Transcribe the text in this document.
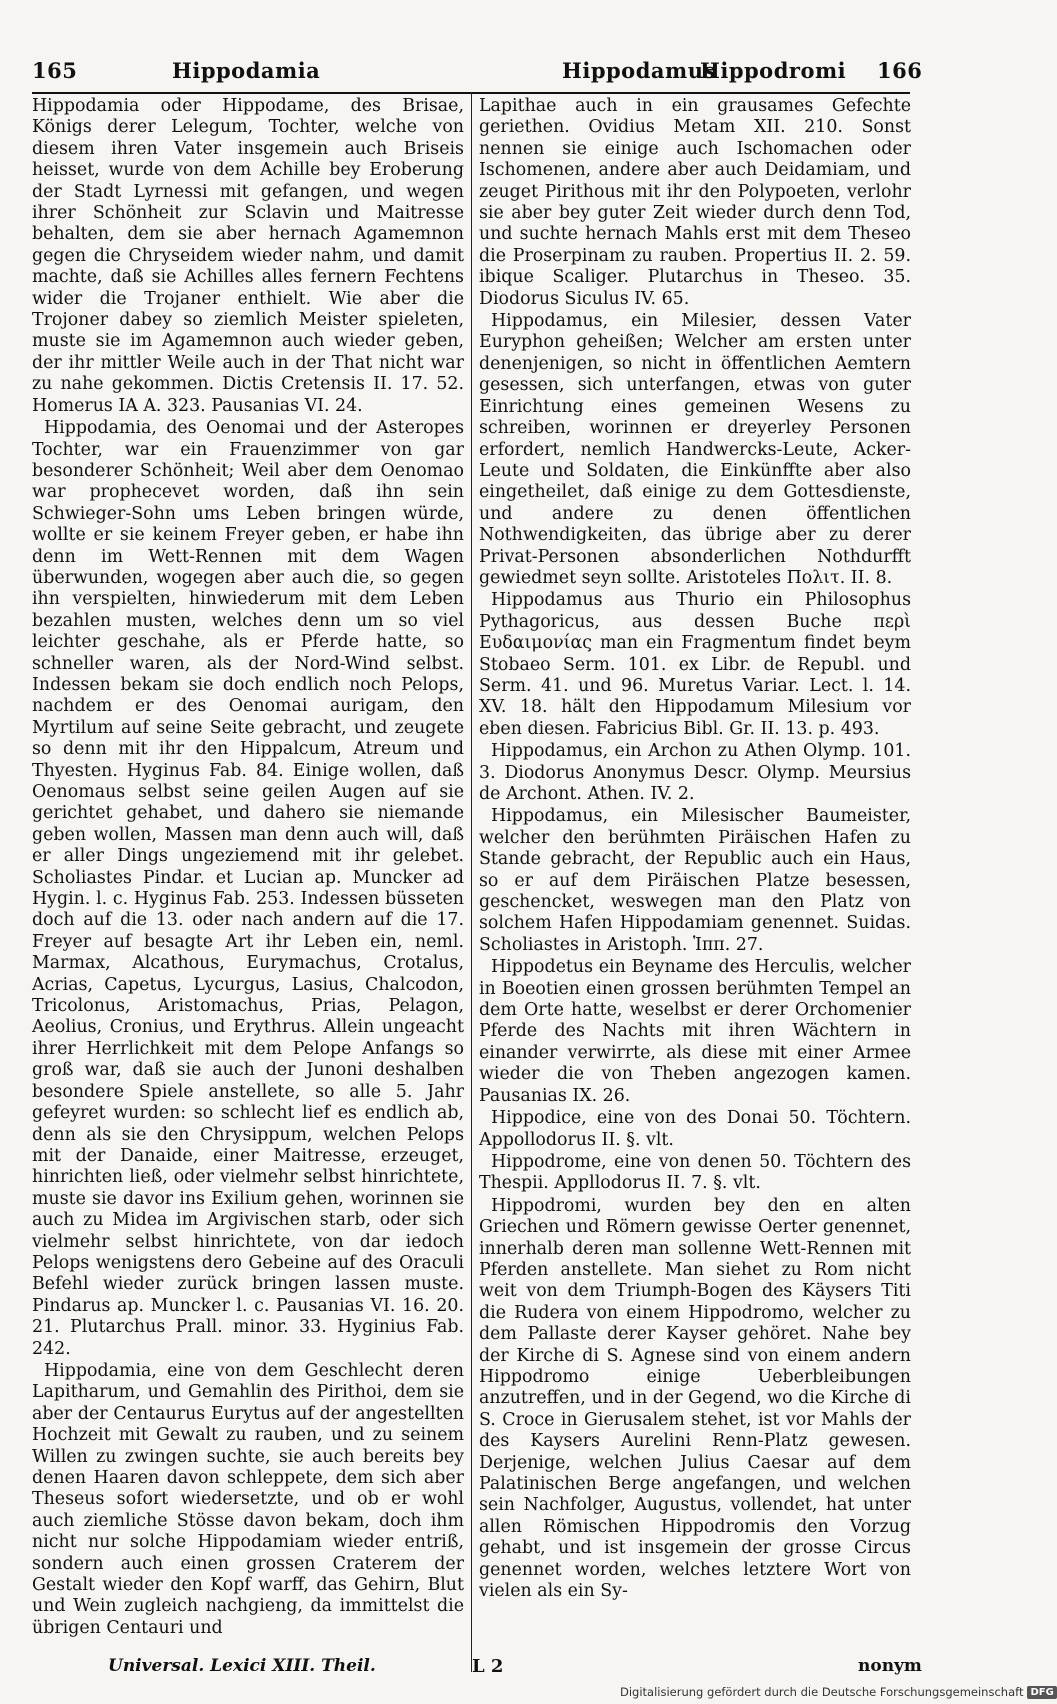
165	Hippodamia	Hippodamus
Hippodromi 166

Hippodamia oder Hippodame, des Brisae, Königs derer Lelegum, Tochter, welche von diesem ihren Vater insgemein auch Briseis heisset, wurde von dem Achille bey Eroberung der Stadt Lyrnessi mit gefangen, und wegen ihrer Schönheit zur Sclavin und Maitresse behalten, dem sie aber hernach Agamemnon gegen die Chryseidem wieder nahm, und damit machte, daß sie Achilles alles fernern Fechtens wider die Trojaner enthielt. Wie aber die Trojoner dabey so ziemlich Meister spieleten, muste sie im Agamemnon auch wieder geben, der ihr mittler Weile auch in der That nicht war zu nahe gekommen. Dictis Cretensis II. 17. 52. Homerus IA A. 323. Pausanias VI. 24.

Hippodamia, des Oenomai und der Asteropes Tochter, war ein Frauenzimmer von gar besonderer Schönheit; Weil aber dem Oenomao war prophecevet worden, daß ihn sein Schwieger-Sohn ums Leben bringen würde, wollte er sie keinem Freyer geben, er habe ihn denn im Wett-Rennen mit dem Wagen überwunden, wogegen aber auch die, so gegen ihn verspielten, hinwiederum mit dem Leben bezahlen musten, welches denn um so viel leichter geschahe, als er Pferde hatte, so schneller waren, als der Nord-Wind selbst. Indessen bekam sie doch endlich noch Pelops, nachdem er des Oenomai aurigam, den Myrtilum auf seine Seite gebracht, und zeugete so denn mit ihr den Hippalcum, Atreum und Thyesten. Hyginus Fab. 84. Einige wollen, daß Oenomaus selbst seine geilen Augen auf sie gerichtet gehabet, und dahero sie niemande geben wollen, Massen man denn auch will, daß er aller Dings ungeziemend mit ihr gelebet. Scholiastes Pindar. et Lucian ap. Muncker ad Hygin. l. c. Hyginus Fab. 253. Indessen büsseten doch auf die 13. oder nach andern auf die 17. Freyer auf besagte Art ihr Leben ein, neml. Marmax, Alcathous, Eurymachus, Crotalus, Acrias, Capetus, Lycurgus, Lasius, Chalcodon, Tricolonus, Aristomachus, Prias, Pelagon, Aeolius, Cronius, und Erythrus. Allein ungeacht ihrer Herrlichkeit mit dem Pelope Anfangs so groß war, daß sie auch der Junoni deshalben besondere Spiele anstellete, so alle 5. Jahr gefeyret wurden: so schlecht lief es endlich ab, denn als sie den Chrysippum, welchen Pelops mit der Danaide, einer Maitresse, erzeuget, hinrichten ließ, oder vielmehr selbst hinrichtete, muste sie davor ins Exilium gehen, worinnen sie auch zu Midea im Argivischen starb, oder sich vielmehr selbst hinrichtete, von dar iedoch Pelops wenigstens dero Gebeine auf des Oraculi Befehl wieder zurück bringen lassen muste. Pindarus ap. Muncker l. c. Pausanias VI. 16. 20. 21. Plutarchus Prall. minor. 33. Hyginius Fab. 242.

Hippodamia, eine von dem Geschlecht deren Lapitharum, und Gemahlin des Pirithoi, dem sie aber der Centaurus Eurytus auf der angestellten Hochzeit mit Gewalt zu rauben, und zu seinem Willen zu zwingen suchte, sie auch bereits bey denen Haaren davon schleppete, dem sich aber Theseus sofort wiedersetzte, und ob er wohl auch ziemliche Stösse davon bekam, doch ihm nicht nur solche Hippodamiam wieder entriß, sondern auch einen grossen Craterem der Gestalt wieder den Kopf warff, das Gehirn, Blut und Wein zugleich nachgieng, da immittelst die übrigen Centauri und

Lapithae auch in ein grausames Gefechte geriethen. Ovidius Metam XII. 210. Sonst nennen sie einige auch Ischomachen oder Ischomenen, andere aber auch Deidamiam, und zeuget Pirithous mit ihr den Polypoeten, verlohr sie aber bey guter Zeit wieder durch denn Tod, und suchte hernach Mahls erst mit dem Theseo die Proserpinam zu rauben. Propertius II. 2. 59. ibique Scaliger. Plutarchus in Theseo. 35. Diodorus Siculus IV. 65.

Hippodamus, ein Milesier, dessen Vater Euryphon geheißen; Welcher am ersten unter denenjenigen, so nicht in öffentlichen Aemtern gesessen, sich unterfangen, etwas von guter Einrichtung eines gemeinen Wesens zu schreiben, worinnen er dreyerley Personen erfordert, nemlich Handwercks-Leute, Acker-Leute und Soldaten, die Einkünffte aber also eingetheilet, daß einige zu dem Gottesdienste, und andere zu denen öffentlichen Nothwendigkeiten, das übrige aber zu derer Privat-Personen absonderlichen Nothdurfft gewiedmet seyn sollte. Aristoteles Πολιτ. II. 8.

Hippodamus aus Thurio ein Philosophus Pythagoricus, aus dessen Buche περὶ Ευδαιμονίας man ein Fragmentum findet beym Stobaeo Serm. 101. ex Libr. de Republ. und Serm. 41. und 96. Muretus Variar. Lect. l. 14. XV. 18. hält den Hippodamum Milesium vor eben diesen. Fabricius Bibl. Gr. II. 13. p. 493.

Hippodamus, ein Archon zu Athen Olymp. 101. 3. Diodorus Anonymus Descr. Olymp. Meursius de Archont. Athen. IV. 2.

Hippodamus, ein Milesischer Baumeister, welcher den berühmten Piräischen Hafen zu Stande gebracht, der Republic auch ein Haus, so er auf dem Piräischen Platze besessen, geschencket, weswegen man den Platz von solchem Hafen Hippodamiam genennet. Suidas. Scholiastes in Aristoph. Ἱππ. 27.

Hippodetus ein Beyname des Herculis, welcher in Boeotien einen grossen berühmten Tempel an dem Orte hatte, weselbst er derer Orchomenier Pferde des Nachts mit ihren Wächtern in einander verwirrte, als diese mit einer Armee wieder die von Theben angezogen kamen. Pausanias IX. 26.

Hippodice, eine von des Donai 50. Töchtern. Appollodorus II. §. vlt.

Hippodrome, eine von denen 50. Töchtern des Thespii. Appllodorus II. 7. §. vlt.

Hippodromi, wurden bey den en alten Griechen und Römern gewisse Oerter genennet, innerhalb deren man sollenne Wett-Rennen mit Pferden anstellete. Man siehet zu Rom nicht weit von dem Triumph-Bogen des Käysers Titi die Rudera von einem Hippodromo, welcher zu dem Pallaste derer Kayser gehöret. Nahe bey der Kirche di S. Agnese sind von einem andern Hippodromo einige Ueberbleibungen anzutreffen, und in der Gegend, wo die Kirche di S. Croce in Gierusalem stehet, ist vor Mahls der des Kaysers Aurelini Renn-Platz gewesen. Derjenige, welchen Julius Caesar auf dem Palatinischen Berge angefangen, und welchen sein Nachfolger, Augustus, vollendet, hat unter allen Römischen Hippodromis den Vorzug gehabt, und ist insgemein der grosse Circus genennet worden, welches letztere Wort von vielen als ein Sy-

Universal. Lexici XIII. Theil.	L 2	nonym
Digitalisierung gefördert durch die Deutsche Forschungsgemeinschaft DFG
